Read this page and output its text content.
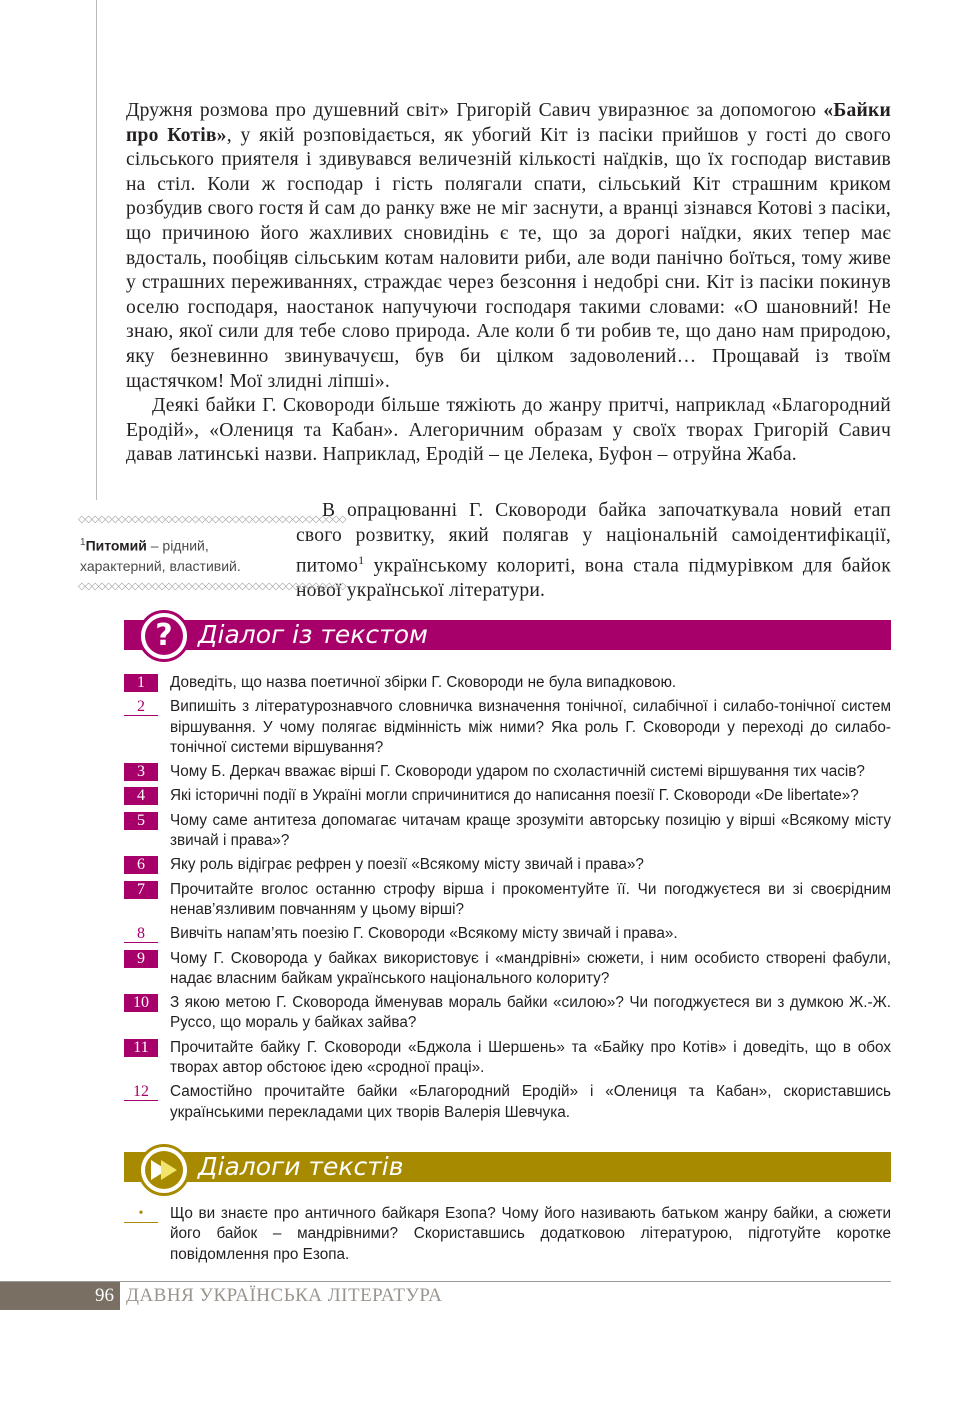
Дружня розмова про душевний світ» Григорій Савич увиразнює за допомогою «Байки про Котів», у якій розповідається, як убогий Кіт із пасіки прийшов у гості до свого сільського приятеля і здивувався величезній кількості наїдків, що їх господар виставив на стіл. Коли ж господар і гість полягали спати, сільський Кіт страшним криком розбудив свого гостя й сам до ранку вже не міг заснути, а вранці зізнався Котові з пасіки, що причиною його жахливих сновидінь є те, що за дорогі наїдки, яких тепер має вдосталь, пообіцяв сільським котам наловити риби, але води панічно боїться, тому живе у страшних переживаннях, страждає через безсоння і недобрі сни. Кіт із пасіки покинув оселю господаря, наостанок напучуючи господаря такими словами: «О шановний! Не знаю, якої сили для тебе слово природа. Але коли б ти робив те, що дано нам природою, яку безневинно звинувачуєш, був би цілком задоволений… Прощавай із твоїм щастячком! Мої злидні ліпші».

Деякі байки Г. Сковороди більше тяжіють до жанру притчі, наприклад «Благородний Еродій», «Олениця та Кабан». Алегоричним образам у своїх творах Григорій Савич давав латинські назви. Наприклад, Еродій – це Лелека, Буфон – отруйна Жаба.

В опрацюванні Г. Сковороди байка започаткувала новий етап свого розвитку, який полягав у національній самоідентифікації, питомо$^1$ українському колориті, вона стала підмурівком для байок нової української літератури.
◇◇◇◇◇◇◇◇◇◇◇◇◇◇◇◇◇◇◇◇◇◇◇◇◇◇◇◇◇◇◇◇◇◇◇◇◇◇◇◇
$^1$Питомий – рідний, характерний, властивий.
◇◇◇◇◇◇◇◇◇◇◇◇◇◇◇◇◇◇◇◇◇◇◇◇◇◇◇◇◇◇◇◇◇◇◇◇◇◇◇◇
?	Діалог із текстом
1	Доведіть, що назва поетичної збірки Г. Сковороди не була випадковою.
2	Випишіть з літературознавчого словничка визначення тонічної, силабічної і силабо-тонічної систем віршування. У чому полягає відмінність між ними? Яка роль Г. Сковороди у переході до силабо-тонічної системи віршування?
3	Чому Б. Деркач вважає вірші Г. Сковороди ударом по схоластичній системі віршування тих часів?
4	Які історичні події в Україні могли спричинитися до написання поезії Г. Сковороди «De libertate»?
5	Чому саме антитеза допомагає читачам краще зрозуміти авторську позицію у вірші «Всякому місту звичай і права»?
6	Яку роль відіграє рефрен у поезії «Всякому місту звичай і права»?
7	Прочитайте вголос останню строфу вірша і прокоментуйте її. Чи погоджуєтеся ви зі своєрідним ненав’язливим повчанням у цьому вірші?
8	Вивчіть напам’ять поезію Г. Сковороди «Всякому місту звичай і права».
9	Чому Г. Сковорода у байках використовує і «мандрівні» сюжети, і ним особисто створені фабули, надає власним байкам українського національного колориту?
10	З якою метою Г. Сковорода йменував мораль байки «силою»? Чи погоджуєтеся ви з думкою Ж.-Ж. Руссо, що мораль у байках зайва?
11	Прочитайте байку Г. Сковороди «Бджола і Шершень» та «Байку про Котів» і доведіть, що в обох творах автор обстоює ідею «сродної праці».
12	Самостійно прочитайте байки «Благородний Еродій» і «Олениця та Кабан», скориставшись українськими перекладами цих творів Валерія Шевчука.
Діалоги текстів
•	Що ви знаєте про античного байкаря Езопа? Чому його називають батьком жанру байки, а сюжети його байок – мандрівними? Скориставшись додатковою літературою, підготуйте коротке повідомлення про Езопа.
96 ДАВНЯ УКРАЇНСЬКА ЛІТЕРАТУРА
